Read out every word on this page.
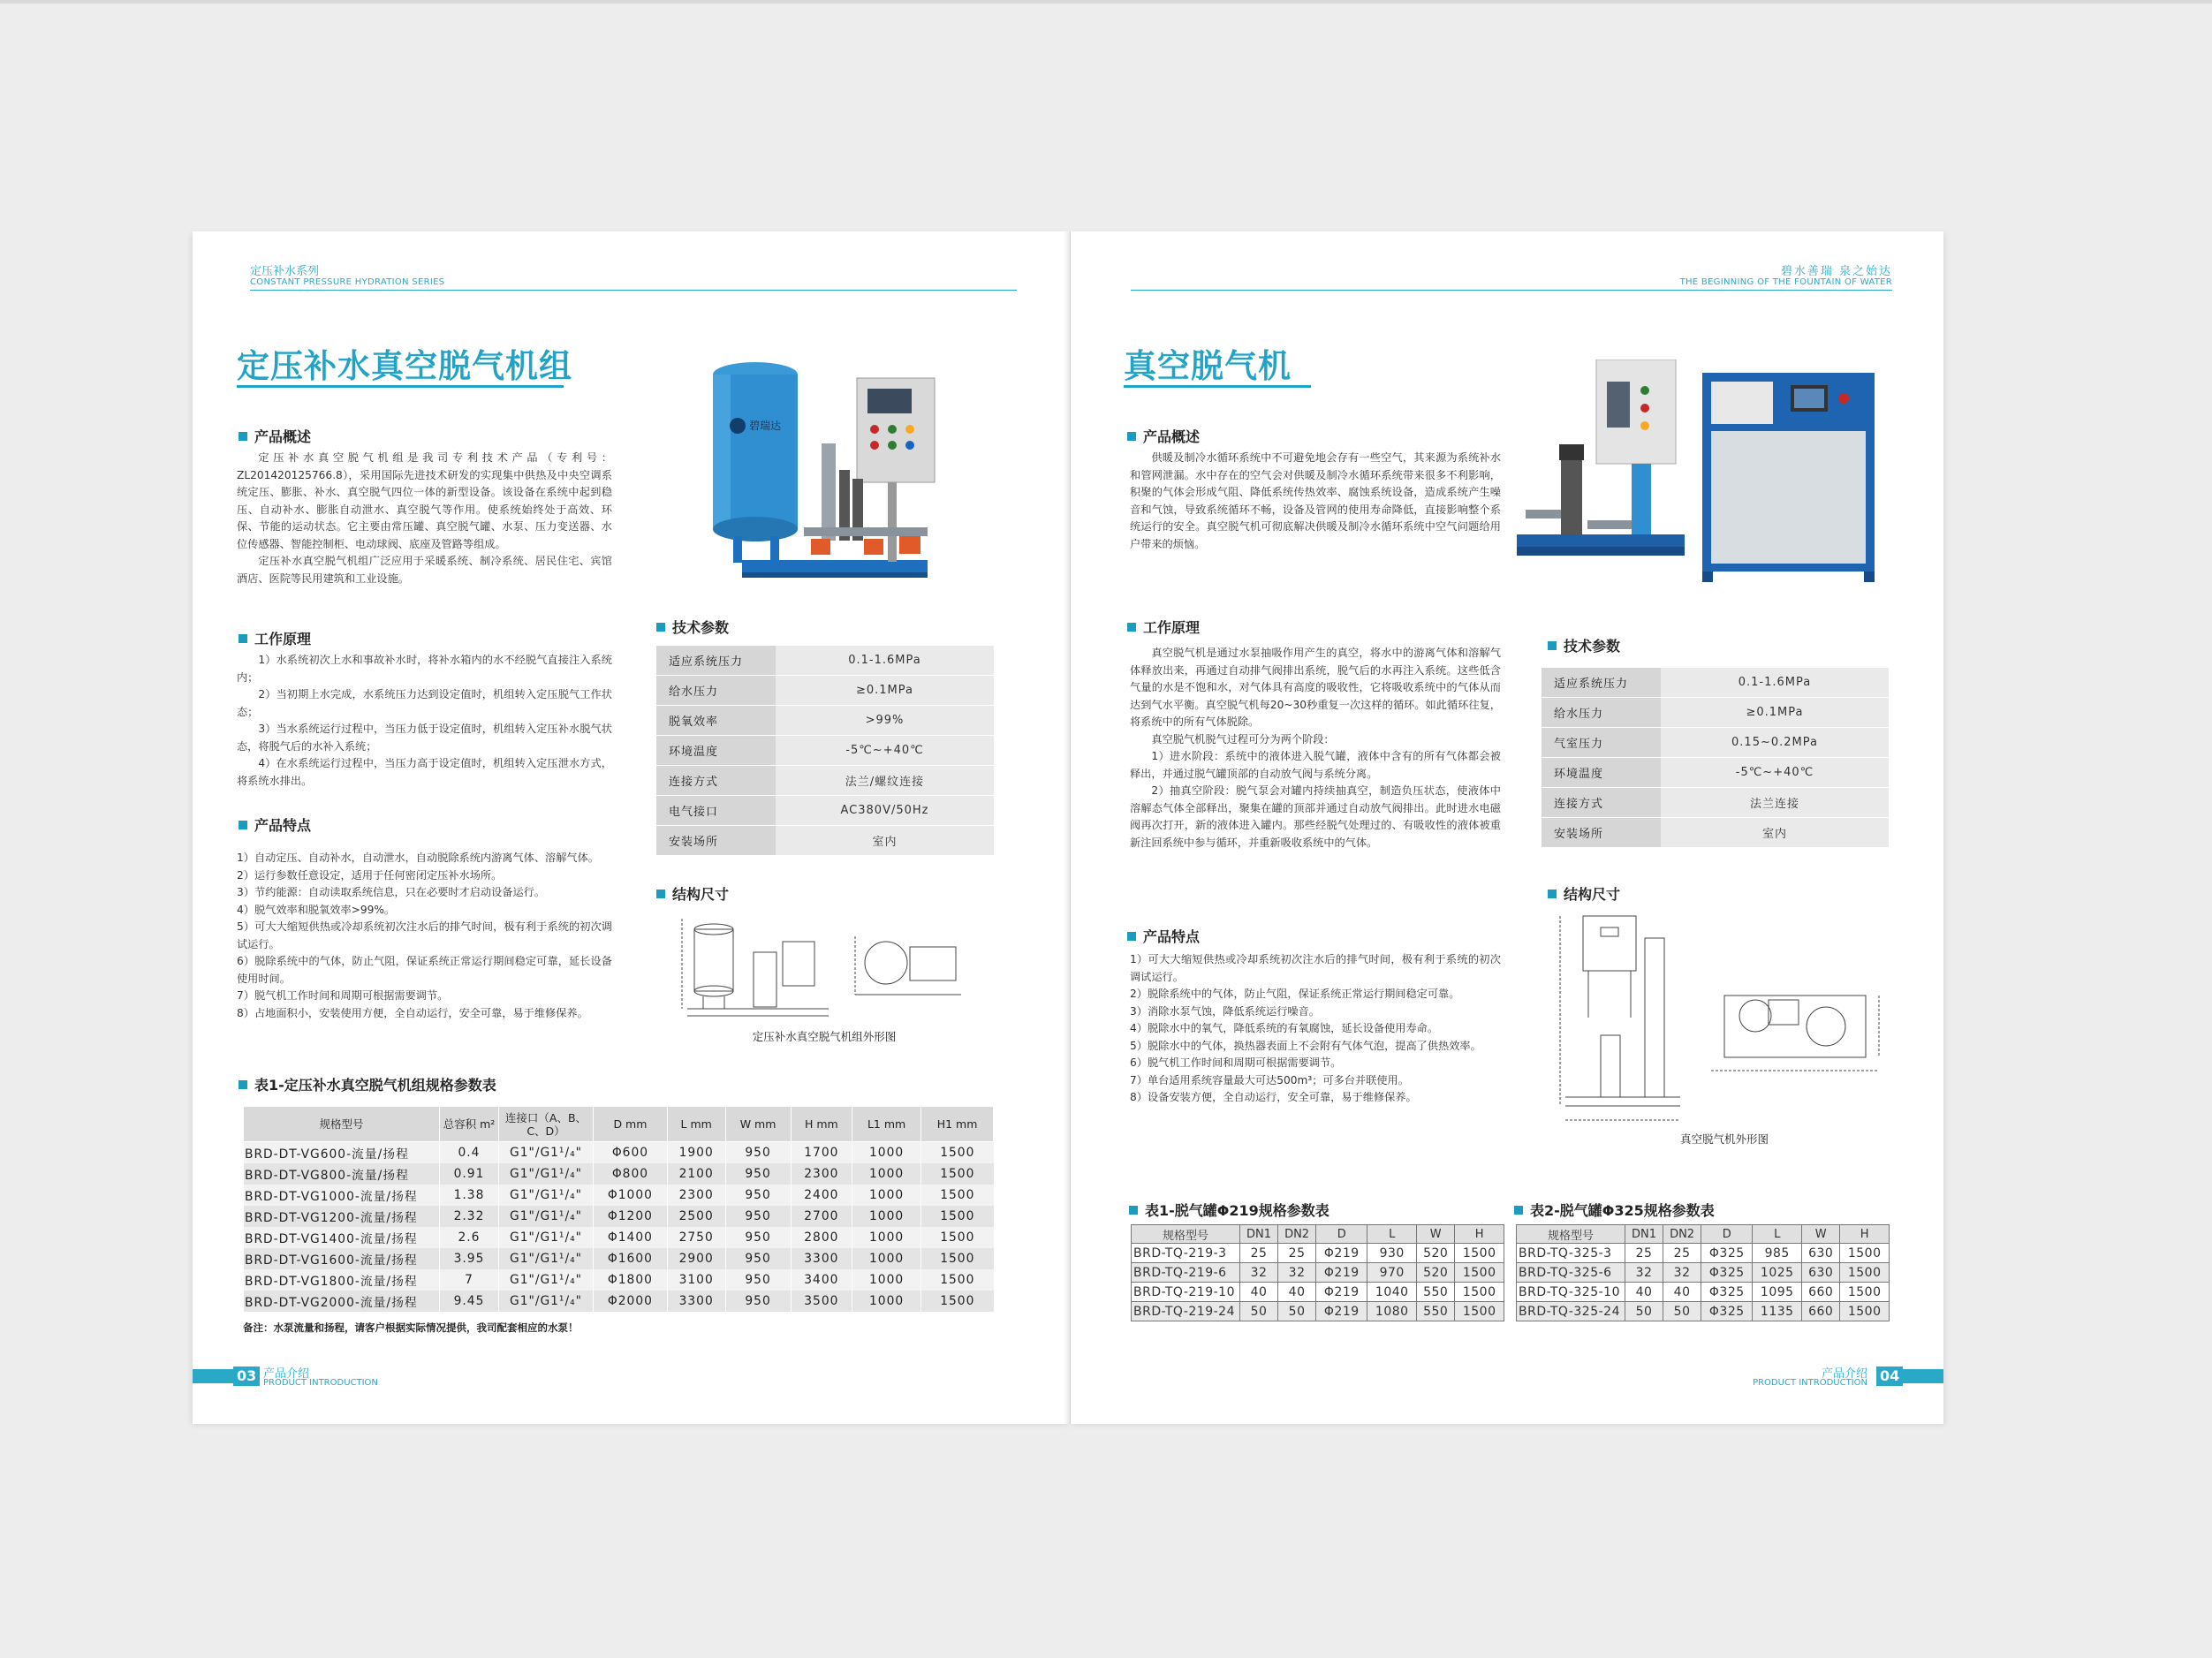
定压补水系列
CONSTANT PRESSURE HYDRATION SERIES
定压补水真空脱气机组
碧瑞达
产品概述

定压补水真空脱气机组是我司专利技术产品（专利号：ZL201420125766.8），采用国际先进技术研发的实现集中供热及中央空调系统定压、膨胀、补水、真空脱气四位一体的新型设备。该设备在系统中起到稳压、自动补水、膨胀自动泄水、真空脱气等作用。使系统始终处于高效、环保、节能的运动状态。它主要由常压罐、真空脱气罐、水泵、压力变送器、水位传感器、智能控制柜、电动球阀、底座及管路等组成。

定压补水真空脱气机组广泛应用于采暖系统、制冷系统、居民住宅、宾馆酒店、医院等民用建筑和工业设施。

工作原理

1）水系统初次上水和事故补水时，将补水箱内的水不经脱气直接注入系统内；

2）当初期上水完成，水系统压力达到设定值时，机组转入定压脱气工作状态；

3）当水系统运行过程中，当压力低于设定值时，机组转入定压补水脱气状态，将脱气后的水补入系统；

4）在水系统运行过程中，当压力高于设定值时，机组转入定压泄水方式，将系统水排出。

产品特点

1）自动定压、自动补水，自动泄水，自动脱除系统内游离气体、溶解气体。

2）运行参数任意设定，适用于任何密闭定压补水场所。

3）节约能源：自动读取系统信息，只在必要时才启动设备运行。

4）脱气效率和脱氧效率>99%。

5）可大大缩短供热或冷却系统初次注水后的排气时间，极有利于系统的初次调试运行。

6）脱除系统中的气体，防止气阻，保证系统正常运行期间稳定可靠，延长设备使用时间。

7）脱气机工作时间和周期可根据需要调节。

8）占地面积小，安装使用方便，全自动运行，安全可靠，易于维修保养。

技术参数
适应系统压力	0.1-1.6MPa
给水压力	≥0.1MPa
脱氧效率	>99%
环境温度	-5℃~+40℃
连接方式	法兰/螺纹连接
电气接口	AC380V/50Hz
安装场所	室内
结构尺寸
定压补水真空脱气机组外形图
表1-定压补水真空脱气机组规格参数表
规格型号	总容积 m²	连接口（A、B、C、D）	D mm	L mm	W mm	H mm	L1 mm	H1 mm
BRD-DT-VG600-流量/扬程	0.4	G1"/G1¹/₄"	Φ600	1900	950	1700	1000	1500
BRD-DT-VG800-流量/扬程	0.91	G1"/G1¹/₄"	Φ800	2100	950	2300	1000	1500
BRD-DT-VG1000-流量/扬程	1.38	G1"/G1¹/₄"	Φ1000	2300	950	2400	1000	1500
BRD-DT-VG1200-流量/扬程	2.32	G1"/G1¹/₄"	Φ1200	2500	950	2700	1000	1500
BRD-DT-VG1400-流量/扬程	2.6	G1"/G1¹/₄"	Φ1400	2750	950	2800	1000	1500
BRD-DT-VG1600-流量/扬程	3.95	G1"/G1¹/₄"	Φ1600	2900	950	3300	1000	1500
BRD-DT-VG1800-流量/扬程	7	G1"/G1¹/₄"	Φ1800	3100	950	3400	1000	1500
BRD-DT-VG2000-流量/扬程	9.45	G1"/G1¹/₄"	Φ2000	3300	950	3500	1000	1500
备注：水泵流量和扬程，请客户根据实际情况提供，我司配套相应的水泵！
03 产品介绍
PRODUCT INTRODUCTION
碧水善瑞 泉之始达
THE BEGINNING OF THE FOUNTAIN OF WATER
真空脱气机
产品概述

供暖及制冷水循环系统中不可避免地会存有一些空气，其来源为系统补水和管网泄漏。水中存在的空气会对供暖及制冷水循环系统带来很多不利影响，积聚的气体会形成气阻、降低系统传热效率、腐蚀系统设备，造成系统产生噪音和气蚀，导致系统循环不畅，设备及管网的使用寿命降低，直接影响整个系统运行的安全。真空脱气机可彻底解决供暖及制冷水循环系统中空气问题给用户带来的烦恼。

工作原理

真空脱气机是通过水泵抽吸作用产生的真空，将水中的游离气体和溶解气体释放出来，再通过自动排气阀排出系统，脱气后的水再注入系统。这些低含气量的水是不饱和水，对气体具有高度的吸收性，它将吸收系统中的气体从而达到气水平衡。真空脱气机每20~30秒重复一次这样的循环。如此循环往复，将系统中的所有气体脱除。

真空脱气机脱气过程可分为两个阶段：

1）进水阶段：系统中的液体进入脱气罐，液体中含有的所有气体都会被释出，并通过脱气罐顶部的自动放气阀与系统分离。

2）抽真空阶段：脱气泵会对罐内持续抽真空，制造负压状态，使液体中溶解态气体全部释出，聚集在罐的顶部并通过自动放气阀排出。此时进水电磁阀再次打开，新的液体进入罐内。那些经脱气处理过的、有吸收性的液体被重新注回系统中参与循环，并重新吸收系统中的气体。

产品特点

1）可大大缩短供热或冷却系统初次注水后的排气时间，极有利于系统的初次调试运行。

2）脱除系统中的气体，防止气阻，保证系统正常运行期间稳定可靠。

3）消除水泵气蚀，降低系统运行噪音。

4）脱除水中的氧气，降低系统的有氧腐蚀，延长设备使用寿命。

5）脱除水中的气体，换热器表面上不会附有气体气泡，提高了供热效率。

6）脱气机工作时间和周期可根据需要调节。

7）单台适用系统容量最大可达500m³；可多台并联使用。

8）设备安装方便，全自动运行，安全可靠，易于维修保养。

技术参数
适应系统压力	0.1-1.6MPa
给水压力	≥0.1MPa
气室压力	0.15~0.2MPa
环境温度	-5℃~+40℃
连接方式	法兰连接
安装场所	室内
结构尺寸
真空脱气机外形图
表1-脱气罐Φ219规格参数表
规格型号	DN1	DN2	D	L	W	H
BRD-TQ-219-3	25	25	Φ219	930	520	1500
BRD-TQ-219-6	32	32	Φ219	970	520	1500
BRD-TQ-219-10	40	40	Φ219	1040	550	1500
BRD-TQ-219-24	50	50	Φ219	1080	550	1500
表2-脱气罐Φ325规格参数表
规格型号	DN1	DN2	D	L	W	H
BRD-TQ-325-3	25	25	Φ325	985	630	1500
BRD-TQ-325-6	32	32	Φ325	1025	630	1500
BRD-TQ-325-10	40	40	Φ325	1095	660	1500
BRD-TQ-325-24	50	50	Φ325	1135	660	1500
04
产品介绍
PRODUCT INTRODUCTION
